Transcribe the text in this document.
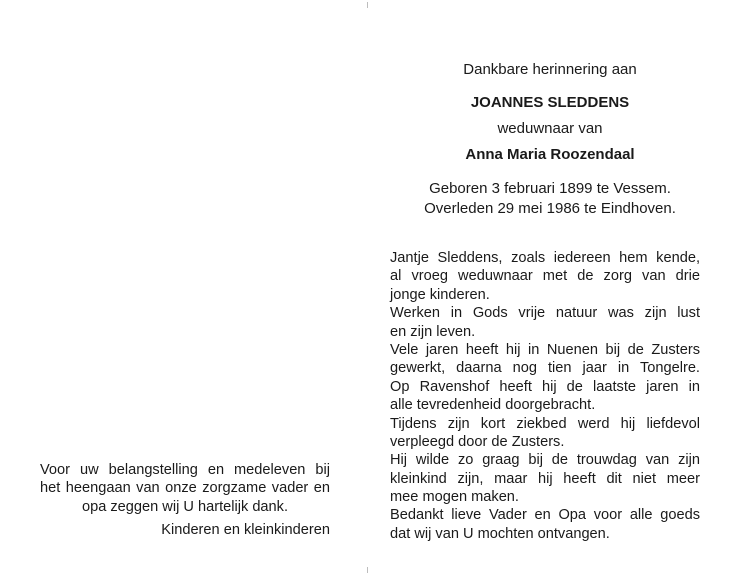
Voor uw belangstelling en medeleven bij
het heengaan van onze zorgzame vader en
opa zeggen wij U hartelijk dank.
Kinderen en kleinkinderen
Dankbare herinnering aan
JOANNES SLEDDENS
weduwnaar van
Anna Maria Roozendaal
Geboren 3 februari 1899 te Vessem.
Overleden 29 mei 1986 te Eindhoven.
Jantje Sleddens, zoals iedereen hem kende,
al vroeg weduwnaar met de zorg van drie
jonge kinderen.
Werken in Gods vrije natuur was zijn lust
en zijn leven.
Vele jaren heeft hij in Nuenen bij de Zusters
gewerkt, daarna nog tien jaar in Tongelre.
Op Ravenshof heeft hij de laatste jaren in
alle tevredenheid doorgebracht.
Tijdens zijn kort ziekbed werd hij liefdevol
verpleegd door de Zusters.
Hij wilde zo graag bij de trouwdag van zijn
kleinkind zijn, maar hij heeft dit niet meer
mee mogen maken.
Bedankt lieve Vader en Opa voor alle goeds
dat wij van U mochten ontvangen.
